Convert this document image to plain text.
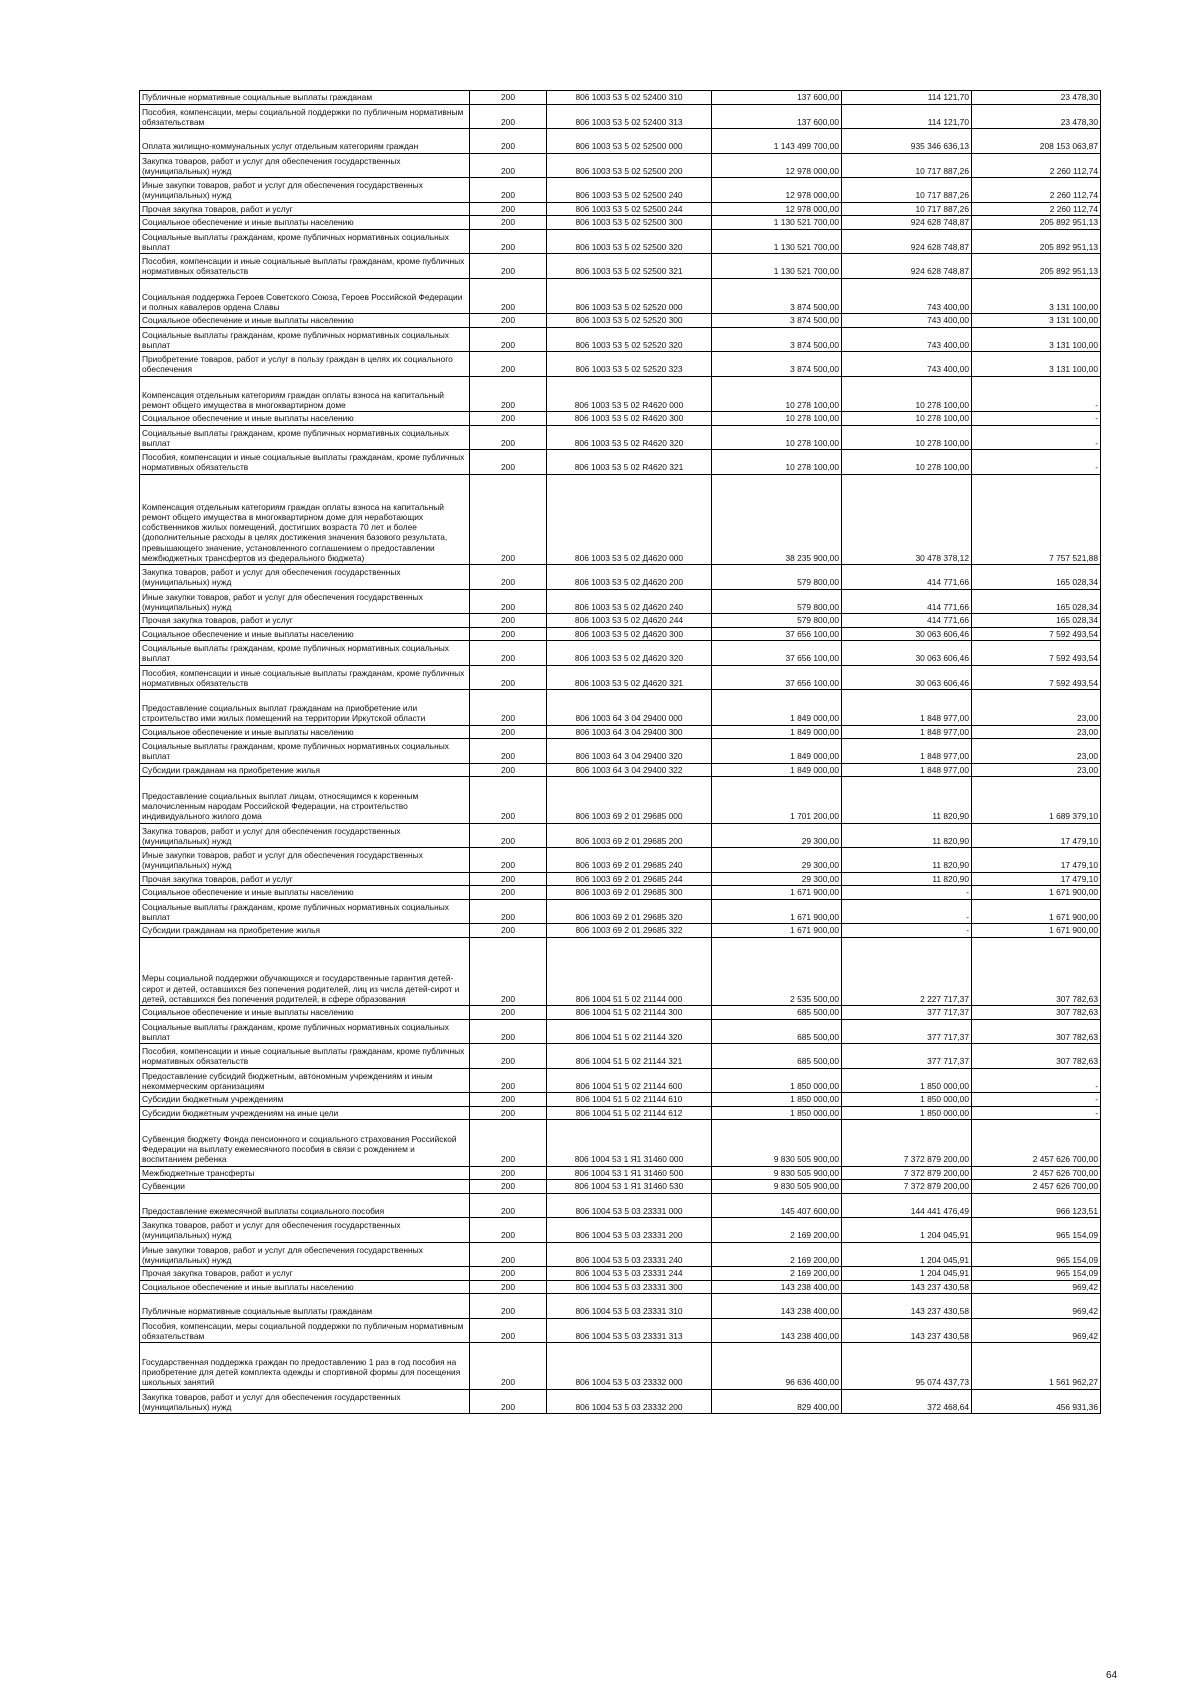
Публичные нормативные социальные выплаты гражданам	200	806 1003 53 5 02 52400 310	137 600,00	114 121,70	23 478,30
Пособия, компенсации, меры социальной поддержки по публичным нормативным обязательствам	200	806 1003 53 5 02 52400 313	137 600,00	114 121,70	23 478,30
Оплата жилищно-коммунальных услуг отдельным категориям граждан	200	806 1003 53 5 02 52500 000	1 143 499 700,00	935 346 636,13	208 153 063,87
Закупка товаров, работ и услуг для обеспечения государственных (муниципальных) нужд	200	806 1003 53 5 02 52500 200	12 978 000,00	10 717 887,26	2 260 112,74
Иные закупки товаров, работ и услуг для обеспечения государственных (муниципальных) нужд	200	806 1003 53 5 02 52500 240	12 978 000,00	10 717 887,26	2 260 112,74
Прочая закупка товаров, работ и услуг	200	806 1003 53 5 02 52500 244	12 978 000,00	10 717 887,26	2 260 112,74
Социальное обеспечение и иные выплаты населению	200	806 1003 53 5 02 52500 300	1 130 521 700,00	924 628 748,87	205 892 951,13
Социальные выплаты гражданам, кроме публичных нормативных социальных выплат	200	806 1003 53 5 02 52500 320	1 130 521 700,00	924 628 748,87	205 892 951,13
Пособия, компенсации и иные социальные выплаты гражданам, кроме публичных нормативных обязательств	200	806 1003 53 5 02 52500 321	1 130 521 700,00	924 628 748,87	205 892 951,13
Социальная поддержка Героев Советского Союза, Героев Российской Федерации и полных кавалеров ордена Славы	200	806 1003 53 5 02 52520 000	3 874 500,00	743 400,00	3 131 100,00
Социальное обеспечение и иные выплаты населению	200	806 1003 53 5 02 52520 300	3 874 500,00	743 400,00	3 131 100,00
Социальные выплаты гражданам, кроме публичных нормативных социальных выплат	200	806 1003 53 5 02 52520 320	3 874 500,00	743 400,00	3 131 100,00
Приобретение товаров, работ и услуг в пользу граждан в целях их социального обеспечения	200	806 1003 53 5 02 52520 323	3 874 500,00	743 400,00	3 131 100,00
Компенсация отдельным категориям граждан оплаты взноса на капитальный ремонт общего имущества в многоквартирном доме	200	806 1003 53 5 02 R4620 000	10 278 100,00	10 278 100,00	-
Социальное обеспечение и иные выплаты населению	200	806 1003 53 5 02 R4620 300	10 278 100,00	10 278 100,00	-
Социальные выплаты гражданам, кроме публичных нормативных социальных выплат	200	806 1003 53 5 02 R4620 320	10 278 100,00	10 278 100,00	-
Пособия, компенсации и иные социальные выплаты гражданам, кроме публичных нормативных обязательств	200	806 1003 53 5 02 R4620 321	10 278 100,00	10 278 100,00	-
Компенсация отдельным категориям граждан оплаты взноса на капитальный ремонт общего имущества в многоквартирном доме для неработающих собственников жилых помещений, достигших возраста 70 лет и более (дополнительные расходы в целях достижения значения базового результата, превышающего значение, установленного соглашением о предоставлении межбюджетных трансфертов из федерального бюджета)	200	806 1003 53 5 02 Д4620 000	38 235 900,00	30 478 378,12	7 757 521,88
Закупка товаров, работ и услуг для обеспечения государственных (муниципальных) нужд	200	806 1003 53 5 02 Д4620 200	579 800,00	414 771,66	165 028,34
Иные закупки товаров, работ и услуг для обеспечения государственных (муниципальных) нужд	200	806 1003 53 5 02 Д4620 240	579 800,00	414 771,66	165 028,34
Прочая закупка товаров, работ и услуг	200	806 1003 53 5 02 Д4620 244	579 800,00	414 771,66	165 028,34
Социальное обеспечение и иные выплаты населению	200	806 1003 53 5 02 Д4620 300	37 656 100,00	30 063 606,46	7 592 493,54
Социальные выплаты гражданам, кроме публичных нормативных социальных выплат	200	806 1003 53 5 02 Д4620 320	37 656 100,00	30 063 606,46	7 592 493,54
Пособия, компенсации и иные социальные выплаты гражданам, кроме публичных нормативных обязательств	200	806 1003 53 5 02 Д4620 321	37 656 100,00	30 063 606,46	7 592 493,54
Предоставление социальных выплат гражданам на приобретение или строительство ими жилых помещений на территории Иркутской области	200	806 1003 64 3 04 29400 000	1 849 000,00	1 848 977,00	23,00
Социальное обеспечение и иные выплаты населению	200	806 1003 64 3 04 29400 300	1 849 000,00	1 848 977,00	23,00
Социальные выплаты гражданам, кроме публичных нормативных социальных выплат	200	806 1003 64 3 04 29400 320	1 849 000,00	1 848 977,00	23,00
Субсидии гражданам на приобретение жилья	200	806 1003 64 3 04 29400 322	1 849 000,00	1 848 977,00	23,00
Предоставление социальных выплат лицам, относящимся к коренным малочисленным народам Российской Федерации, на строительство индивидуального жилого дома	200	806 1003 69 2 01 29685 000	1 701 200,00	11 820,90	1 689 379,10
Закупка товаров, работ и услуг для обеспечения государственных (муниципальных) нужд	200	806 1003 69 2 01 29685 200	29 300,00	11 820,90	17 479,10
Иные закупки товаров, работ и услуг для обеспечения государственных (муниципальных) нужд	200	806 1003 69 2 01 29685 240	29 300,00	11 820,90	17 479,10
Прочая закупка товаров, работ и услуг	200	806 1003 69 2 01 29685 244	29 300,00	11 820,90	17 479,10
Социальное обеспечение и иные выплаты населению	200	806 1003 69 2 01 29685 300	1 671 900,00	-	1 671 900,00
Социальные выплаты гражданам, кроме публичных нормативных социальных выплат	200	806 1003 69 2 01 29685 320	1 671 900,00	-	1 671 900,00
Субсидии гражданам на приобретение жилья	200	806 1003 69 2 01 29685 322	1 671 900,00	-	1 671 900,00
Меры социальной поддержки обучающихся и государственные гарантия детей-сирот и детей, оставшихся без попечения родителей, лиц из числа детей-сирот и детей, оставшихся без попечения родителей, в сфере образования	200	806 1004 51 5 02 21144 000	2 535 500,00	2 227 717,37	307 782,63
Социальное обеспечение и иные выплаты населению	200	806 1004 51 5 02 21144 300	685 500,00	377 717,37	307 782,63
Социальные выплаты гражданам, кроме публичных нормативных социальных выплат	200	806 1004 51 5 02 21144 320	685 500,00	377 717,37	307 782,63
Пособия, компенсации и иные социальные выплаты гражданам, кроме публичных нормативных обязательств	200	806 1004 51 5 02 21144 321	685 500,00	377 717,37	307 782,63
Предоставление субсидий бюджетным, автономным учреждениям и иным некоммерческим организациям	200	806 1004 51 5 02 21144 600	1 850 000,00	1 850 000,00	-
Субсидии бюджетным учреждениям	200	806 1004 51 5 02 21144 610	1 850 000,00	1 850 000,00	-
Субсидии бюджетным учреждениям на иные цели	200	806 1004 51 5 02 21144 612	1 850 000,00	1 850 000,00	-
Субвенция бюджету Фонда пенсионного и социального страхования Российской Федерации на выплату ежемесячного пособия в связи с рождением и воспитанием ребенка	200	806 1004 53 1 Я1 31460 000	9 830 505 900,00	7 372 879 200,00	2 457 626 700,00
Межбюджетные трансферты	200	806 1004 53 1 Я1 31460 500	9 830 505 900,00	7 372 879 200,00	2 457 626 700,00
Субвенции	200	806 1004 53 1 Я1 31460 530	9 830 505 900,00	7 372 879 200,00	2 457 626 700,00
Предоставление ежемесячной выплаты социального пособия	200	806 1004 53 5 03 23331 000	145 407 600,00	144 441 476,49	966 123,51
Закупка товаров, работ и услуг для обеспечения государственных (муниципальных) нужд	200	806 1004 53 5 03 23331 200	2 169 200,00	1 204 045,91	965 154,09
Иные закупки товаров, работ и услуг для обеспечения государственных (муниципальных) нужд	200	806 1004 53 5 03 23331 240	2 169 200,00	1 204 045,91	965 154,09
Прочая закупка товаров, работ и услуг	200	806 1004 53 5 03 23331 244	2 169 200,00	1 204 045,91	965 154,09
Социальное обеспечение и иные выплаты населению	200	806 1004 53 5 03 23331 300	143 238 400,00	143 237 430,58	969,42
Публичные нормативные социальные выплаты гражданам	200	806 1004 53 5 03 23331 310	143 238 400,00	143 237 430,58	969,42
Пособия, компенсации, меры социальной поддержки по публичным нормативным обязательствам	200	806 1004 53 5 03 23331 313	143 238 400,00	143 237 430,58	969,42
Государственная поддержка граждан по предоставлению 1 раз в год пособия на приобретение для детей комплекта одежды и спортивной формы для посещения школьных занятий	200	806 1004 53 5 03 23332 000	96 636 400,00	95 074 437,73	1 561 962,27
Закупка товаров, работ и услуг для обеспечения государственных (муниципальных) нужд	200	806 1004 53 5 03 23332 200	829 400,00	372 468,64	456 931,36
64
